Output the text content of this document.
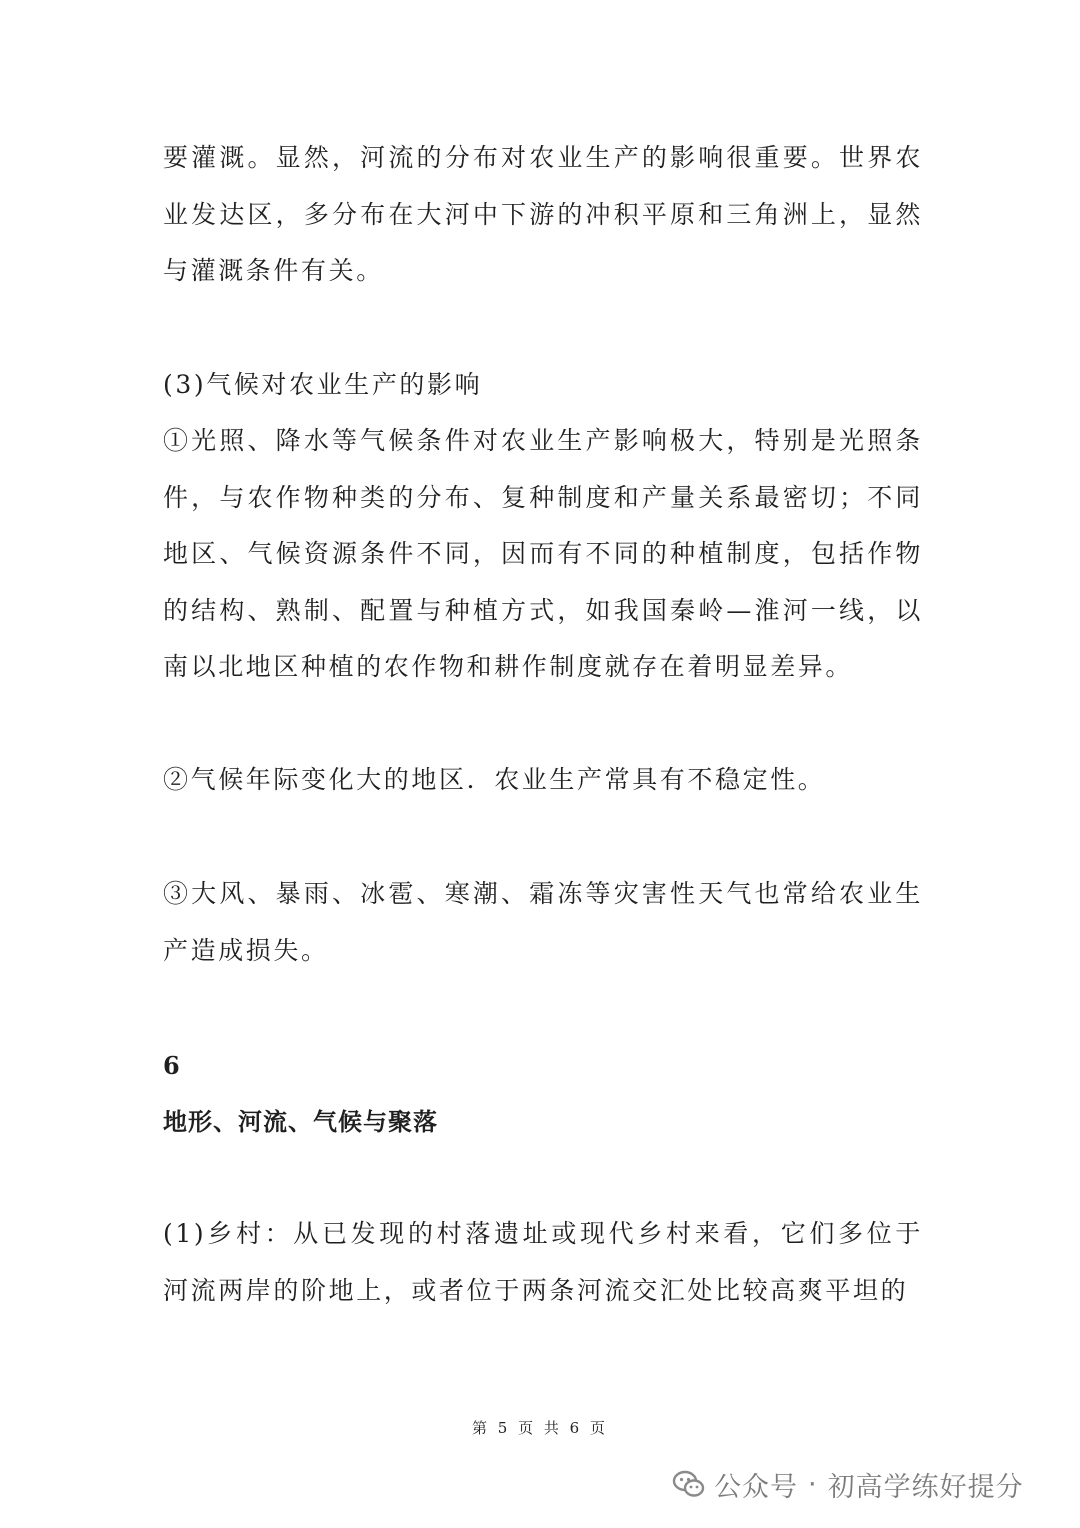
要灌溉。显然，河流的分布对农业生产的影响很重要。世界农业发达区，多分布在大河中下游的冲积平原和三角洲上，显然与灌溉条件有关。

(3)气候对农业生产的影响

①光照、降水等气候条件对农业生产影响极大，特别是光照条件，与农作物种类的分布、复种制度和产量关系最密切；不同地区、气候资源条件不同，因而有不同的种植制度，包括作物的结构、熟制、配置与种植方式，如我国秦岭—淮河一线，以南以北地区种植的农作物和耕作制度就存在着明显差异。

②气候年际变化大的地区．农业生产常具有不稳定性。

③大风、暴雨、冰雹、寒潮、霜冻等灾害性天气也常给农业生产造成损失。

6

地形、河流、气候与聚落

(1)乡村：从已发现的村落遗址或现代乡村来看，它们多位于河流两岸的阶地上，或者位于两条河流交汇处比较高爽平坦的

第 5 页 共 6 页
公众号 · 初高学练好提分
